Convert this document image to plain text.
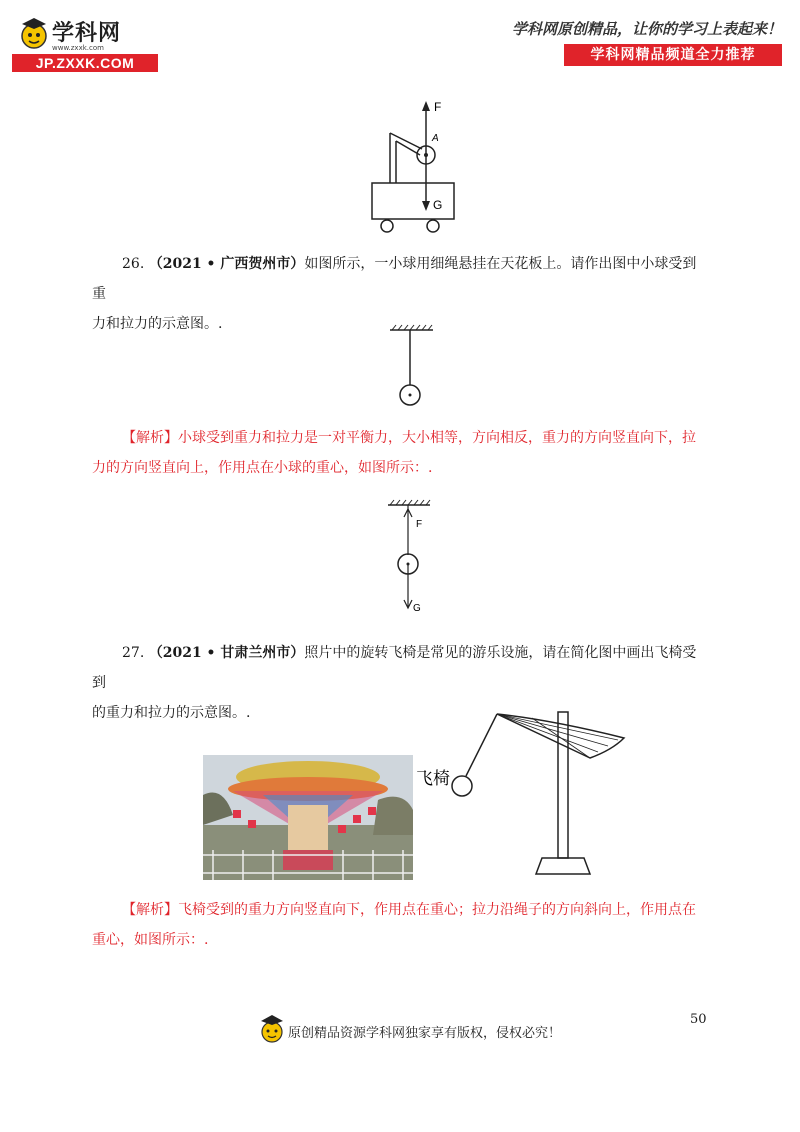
学科网
www.zxxk.com
JP.ZXXK.COM
学科网原创精品，让你的学习上表起来！
学科网精品频道全力推荐
F
A
G
26. （2021 • 广西贺州市）如图所示，一小球用细绳悬挂在天花板上。请作出图中小球受到重
力和拉力的示意图。.
【解析】小球受到重力和拉力是一对平衡力，大小相等，方向相反，重力的方向竖直向下，拉
力的方向竖直向上，作用点在小球的重心，如图所示：.
F
G
27. （2021 • 甘肃兰州市）照片中的旋转飞椅是常见的游乐设施，请在简化图中画出飞椅受到
的重力和拉力的示意图。.
飞椅
【解析】飞椅受到的重力方向竖直向下，作用点在重心；拉力沿绳子的方向斜向上，作用点在
重心，如图所示：.
50
原创精品资源学科网独家享有版权，侵权必究！
